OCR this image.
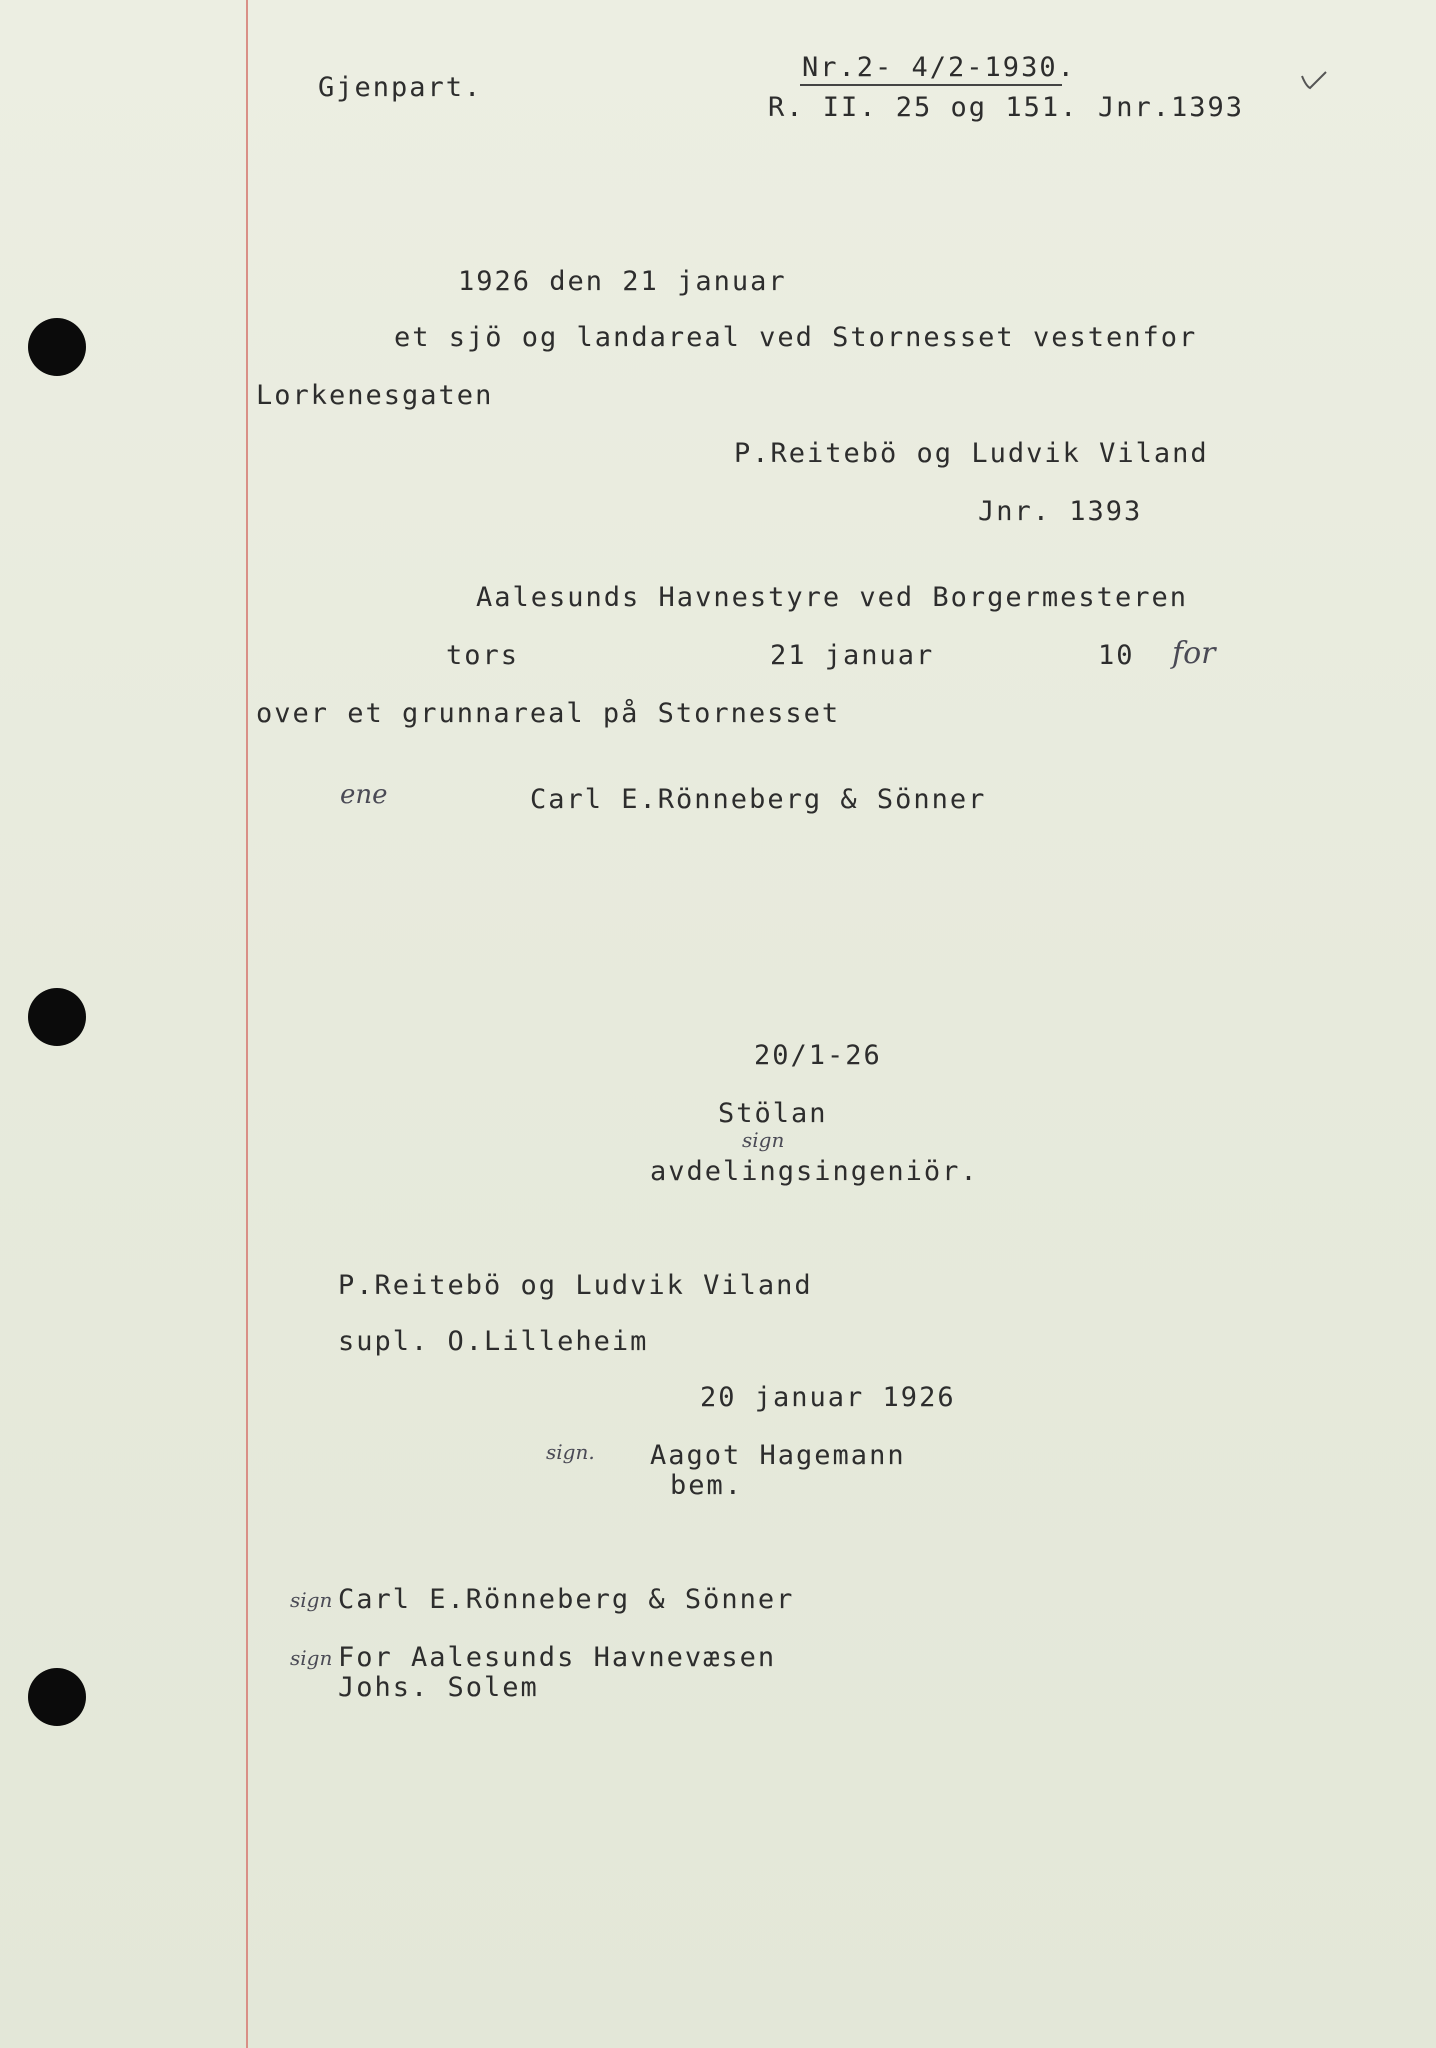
Gjenpart.
Nr.2- 4/2-1930.
R. II. 25 og 151. Jnr.1393
1926 den 21 januar
et sjö og landareal ved Stornesset vestenfor
Lorkenesgaten
P.Reitebö og Ludvik Viland
Jnr. 1393
Aalesunds Havnestyre ved Borgermesteren
tors	21 januar	10 for
over et grunnareal på Stornesset
ene	Carl E.Rönneberg & Sönner
20/1-26
Stölan
sign
avdelingsingeniör.
P.Reitebö og Ludvik Viland
supl. O.Lilleheim
20 januar 1926
sign. Aagot Hagemann
bem.
sign Carl E.Rönneberg & Sönner
sign For Aalesunds Havnevæsen
Johs. Solem
